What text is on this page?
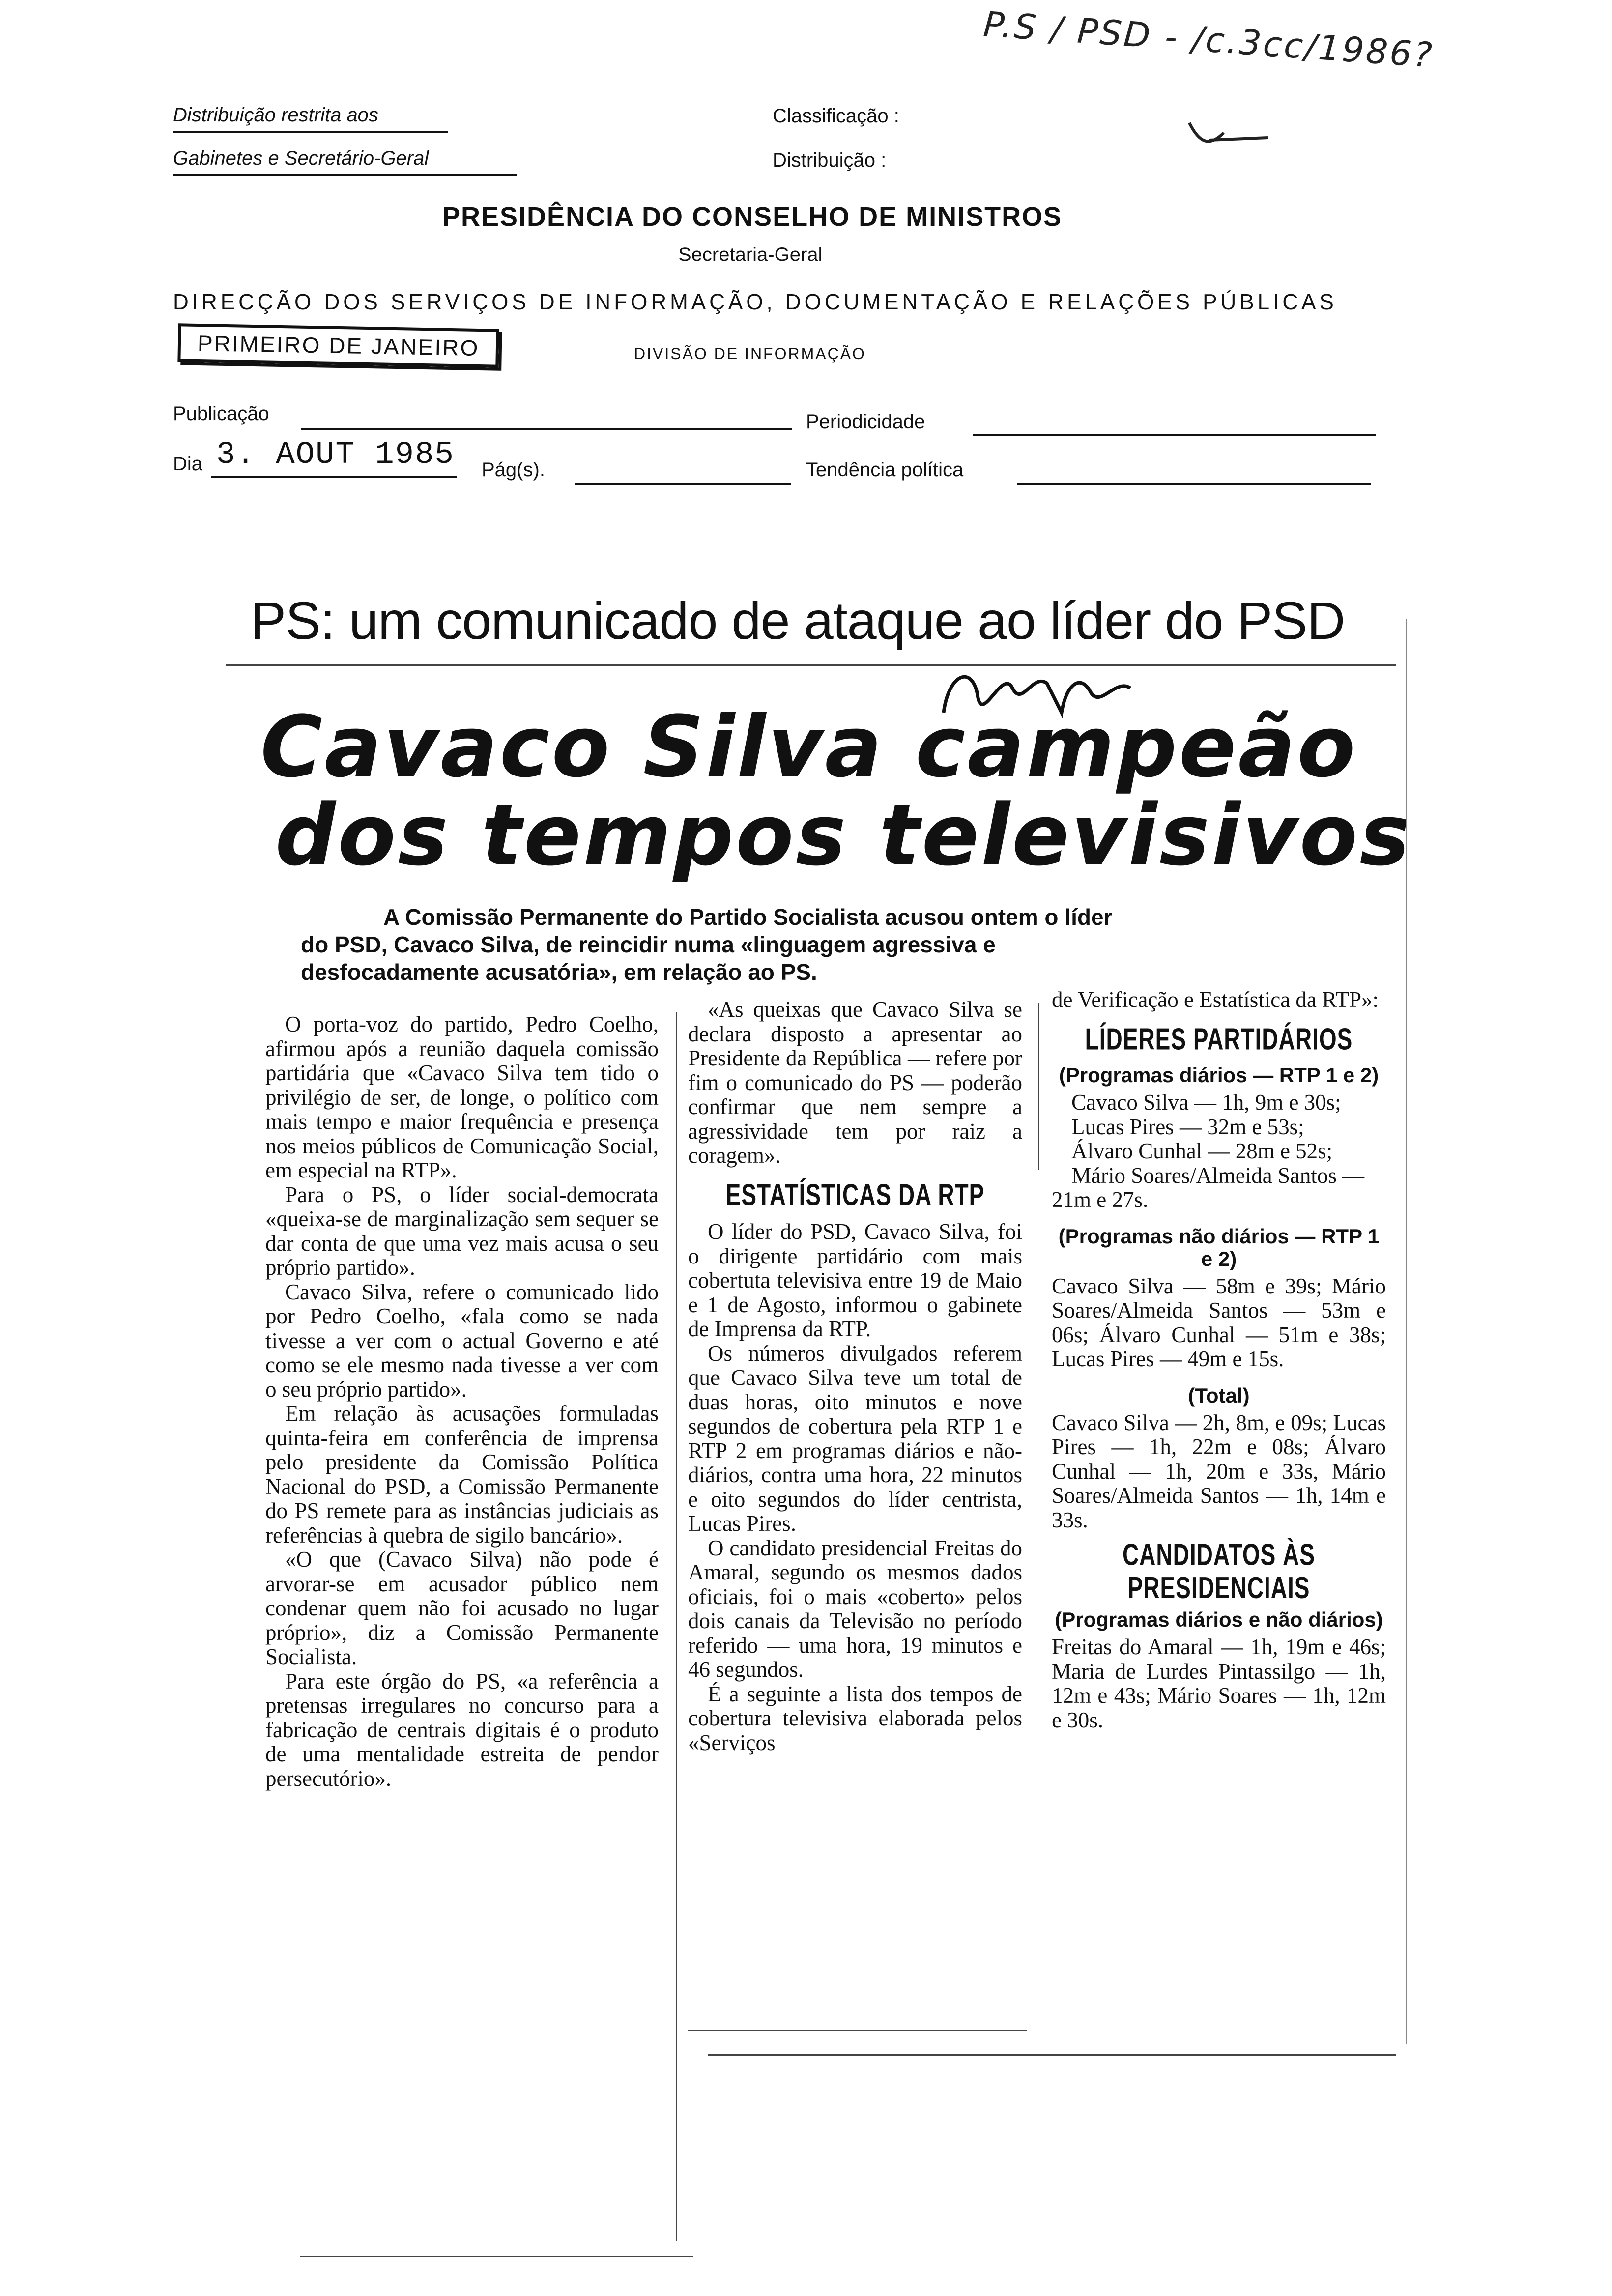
P.S / PSD - /c.3cc/1986?
Distribuição restrita aos
Gabinetes e Secretário-Geral
Classificação :
Distribuição :
PRESIDÊNCIA DO CONSELHO DE MINISTROS
Secretaria-Geral
DIRECÇÃO DOS SERVIÇOS DE INFORMAÇÃO, DOCUMENTAÇÃO E RELAÇÕES PÚBLICAS
PRIMEIRO DE JANEIRO	DIVISÃO DE INFORMAÇÃO
Publicação	Periodicidade
Dia 3. AOUT 1985 Pág(s).	Tendência política
PS: um comunicado de ataque ao líder do PSD
Cavaco Silva campeão
dos tempos televisivos
A Comissão Permanente do Partido Socialista acusou ontem o líder
do PSD, Cavaco Silva, de reincidir numa «linguagem agressiva e
desfocadamente acusatória», em relação ao PS.

O porta-voz do partido, Pedro Coelho, afirmou após a reunião daquela comissão partidária que «Cavaco Silva tem tido o privilégio de ser, de longe, o político com mais tempo e maior frequência e presença nos meios públicos de Comunicação Social, em especial na RTP».

Para o PS, o líder social-democrata «queixa-se de marginalização sem sequer se dar conta de que uma vez mais acusa o seu próprio partido».

Cavaco Silva, refere o comunicado lido por Pedro Coelho, «fala como se nada tivesse a ver com o actual Governo e até como se ele mesmo nada tivesse a ver com o seu próprio partido».

Em relação às acusações formuladas quinta-feira em conferência de imprensa pelo presidente da Comissão Política Nacional do PSD, a Comissão Permanente do PS remete para as instâncias judiciais as referências à quebra de sigilo bancário».

«O que (Cavaco Silva) não pode é arvorar-se em acusador público nem condenar quem não foi acusado no lugar próprio», diz a Comissão Permanente Socialista.

Para este órgão do PS, «a referência a pretensas irregulares no concurso para a fabricação de centrais digitais é o produto de uma mentalidade estreita de pendor persecutório».

«As queixas que Cavaco Silva se declara disposto a apresentar ao Presidente da República — refere por fim o comunicado do PS — poderão confirmar que nem sempre a agressividade tem por raiz a coragem».

ESTATÍSTICAS DA RTP

O líder do PSD, Cavaco Silva, foi o dirigente partidário com mais cobertuta televisiva entre 19 de Maio e 1 de Agosto, informou o gabinete de Imprensa da RTP.

Os números divulgados referem que Cavaco Silva teve um total de duas horas, oito minutos e nove segundos de cobertura pela RTP 1 e RTP 2 em programas diários e não-diários, contra uma hora, 22 minutos e oito segundos do líder centrista, Lucas Pires.

O candidato presidencial Freitas do Amaral, segundo os mesmos dados oficiais, foi o mais «coberto» pelos dois canais da Televisão no período referido — uma hora, 19 minutos e 46 segundos.

É a seguinte a lista dos tempos de cobertura televisiva elaborada pelos «Serviços

de Verificação e Estatística da RTP»:

LÍDERES PARTIDÁRIOS
(Programas diários — RTP 1 e 2)

Cavaco Silva — 1h, 9m e 30s;

Lucas Pires — 32m e 53s;

Álvaro Cunhal — 28m e 52s;

Mário Soares/Almeida Santos — 21m e 27s.

(Programas não diários — RTP 1 e 2)

Cavaco Silva — 58m e 39s; Mário Soares/Almeida Santos — 53m e 06s; Álvaro Cunhal — 51m e 38s; Lucas Pires — 49m e 15s.

(Total)

Cavaco Silva — 2h, 8m, e 09s; Lucas Pires — 1h, 22m e 08s; Álvaro Cunhal — 1h, 20m e 33s, Mário Soares/Almeida Santos — 1h, 14m e 33s.

CANDIDATOS ÀS PRESIDENCIAIS
(Programas diários e não diários)

Freitas do Amaral — 1h, 19m e 46s; Maria de Lurdes Pintassilgo — 1h, 12m e 43s; Mário Soares — 1h, 12m e 30s.
